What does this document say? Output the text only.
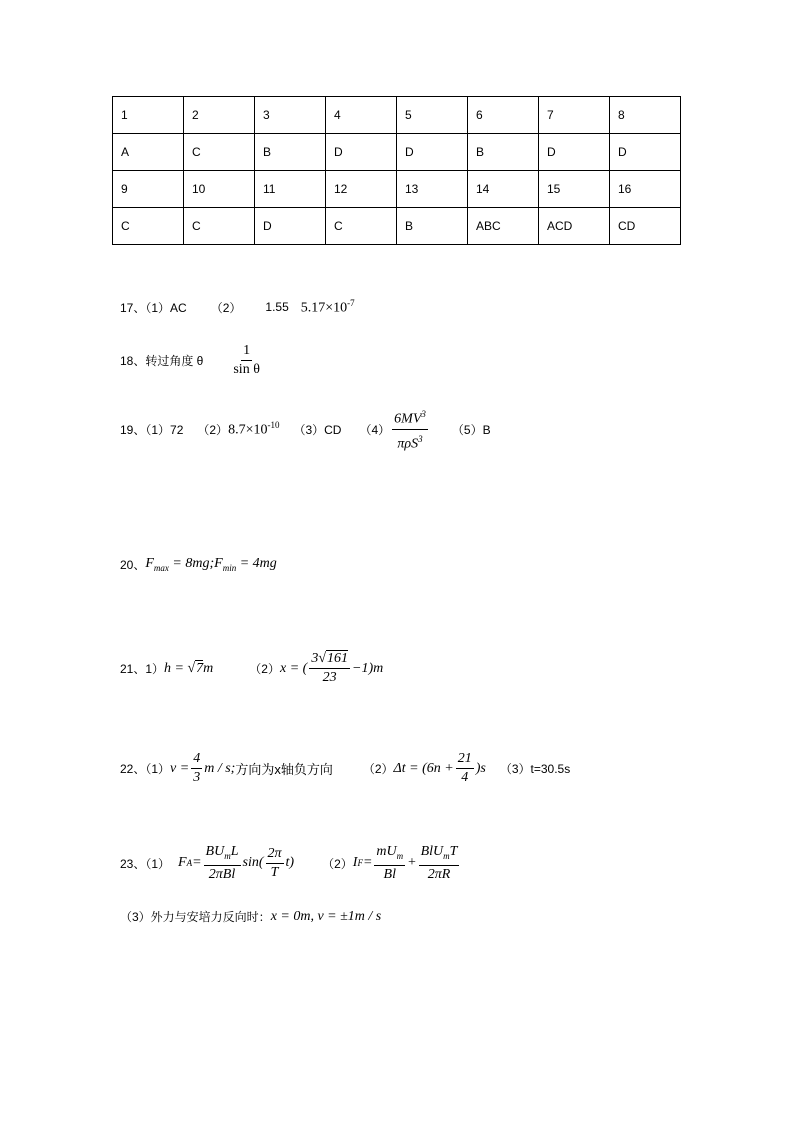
1	2	3	4	5	6	7	8
A	C	B	D	D	B	D	D
9	10	11	12	13	14	15	16
C	C	D	C	B	ABC	ACD	CD
17、（1）AC （2） 1.55 $5.17\times 10^{-7}$
18、转过角度 θ $\frac{1}{\text{sin θ}}$
19、（1）72 （2） $8.7\times 10^{-10}$ （3）CD $(4) \frac{6MV^3}{\pi\rho S^3} (5)B$
20、 $F_{max}$ = $8mg;F_{min} = 4mg$
21、1） h = √7m	（2） x = ( $\frac{3√161}{23} -1)m$
22、（1） $v = \frac{4}{3}$ m / s; 方向为x轴负方向	（2） $\Delta t = (6n + \frac{21}{4} )s$ （3）t=30.5s
23、（1） F $A = \frac{BU_mL}{\text{2πBl}} \sin( \frac{2\pi}{T} t)$ （2） I $F = \frac{mU_m}{Bl} + \frac{BlU_mT}{2\pi R}$
（3）外力与安培力反向时： x = 0m, v = ±1m / s
